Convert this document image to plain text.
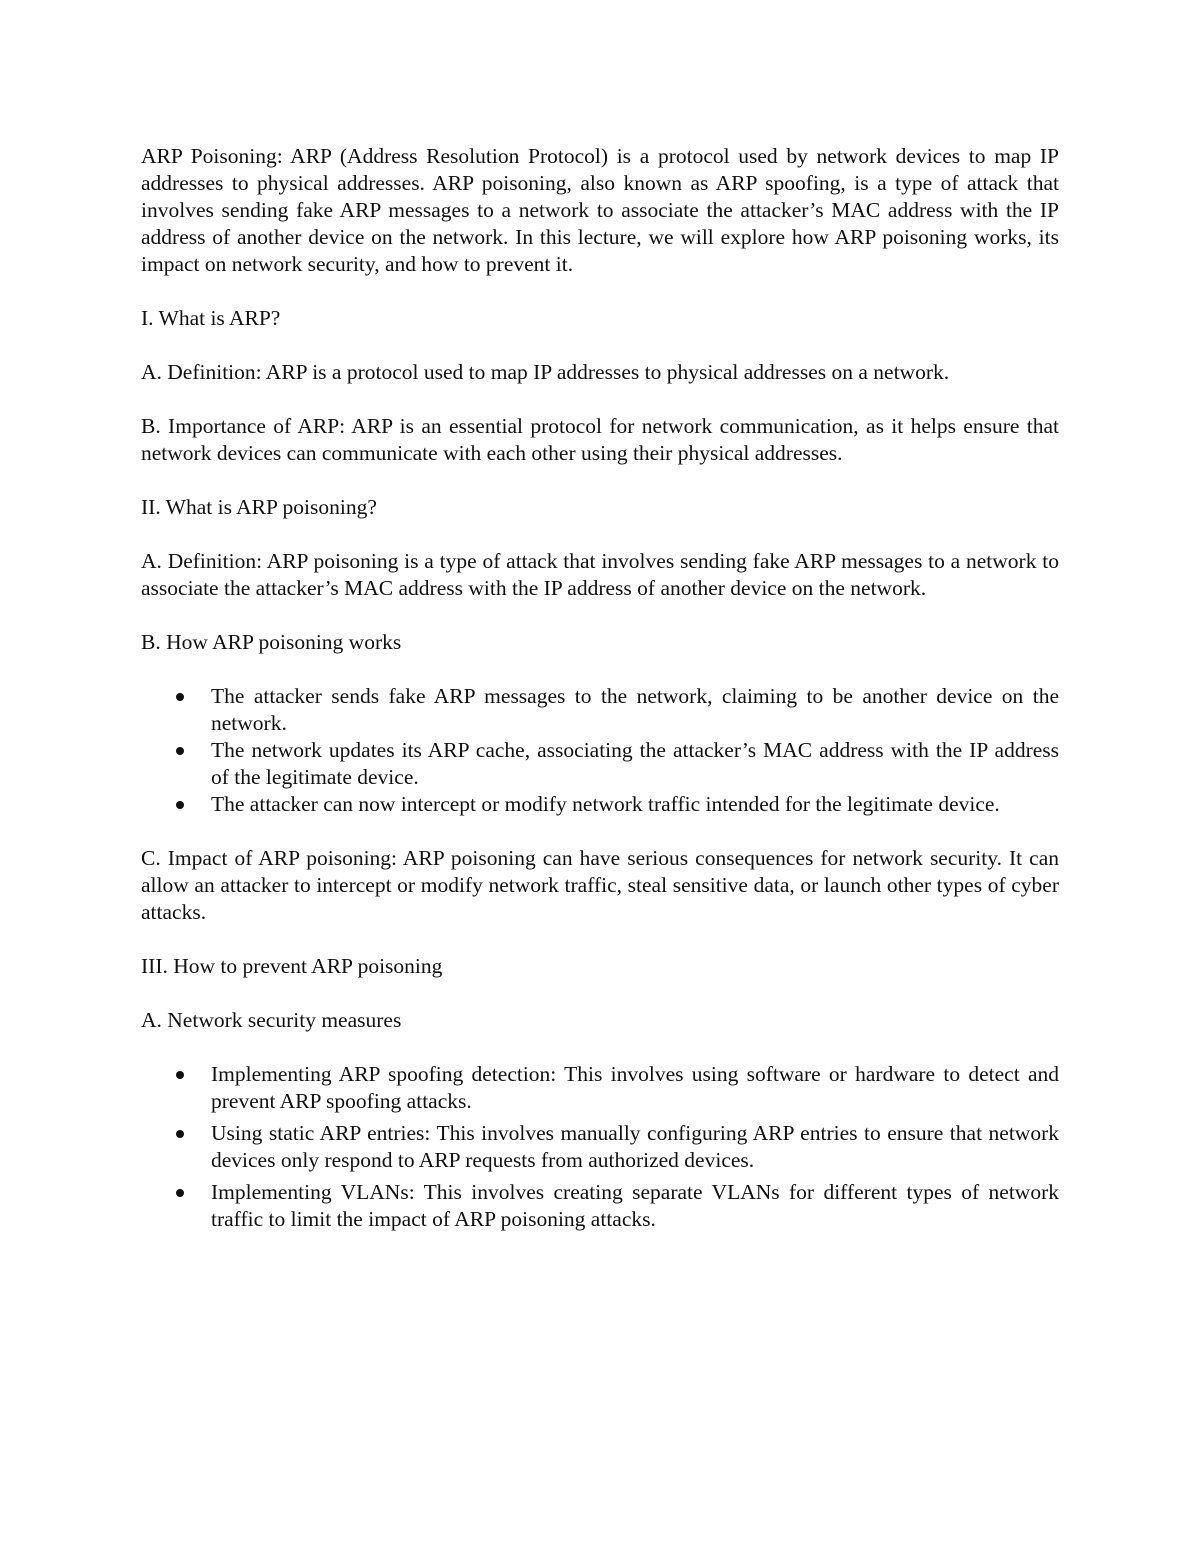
ARP Poisoning: ARP (Address Resolution Protocol) is a protocol used by network devices to map IP addresses to physical addresses. ARP poisoning, also known as ARP spoofing, is a type of attack that involves sending fake ARP messages to a network to associate the attacker’s MAC address with the IP address of another device on the network. In this lecture, we will explore how ARP poisoning works, its impact on network security, and how to prevent it.

I. What is ARP?

A. Definition: ARP is a protocol used to map IP addresses to physical addresses on a network.

B. Importance of ARP: ARP is an essential protocol for network communication, as it helps ensure that network devices can communicate with each other using their physical addresses.

II. What is ARP poisoning?

A. Definition: ARP poisoning is a type of attack that involves sending fake ARP messages to a network to associate the attacker’s MAC address with the IP address of another device on the network.

B. How ARP poisoning works

The attacker sends fake ARP messages to the network, claiming to be another device on the network.
The network updates its ARP cache, associating the attacker’s MAC address with the IP address of the legitimate device.
The attacker can now intercept or modify network traffic intended for the legitimate device.

C. Impact of ARP poisoning: ARP poisoning can have serious consequences for network security. It can allow an attacker to intercept or modify network traffic, steal sensitive data, or launch other types of cyber attacks.

III. How to prevent ARP poisoning

A. Network security measures

Implementing ARP spoofing detection: This involves using software or hardware to detect and prevent ARP spoofing attacks.
Using static ARP entries: This involves manually configuring ARP entries to ensure that network devices only respond to ARP requests from authorized devices.
Implementing VLANs: This involves creating separate VLANs for different types of network traffic to limit the impact of ARP poisoning attacks.
